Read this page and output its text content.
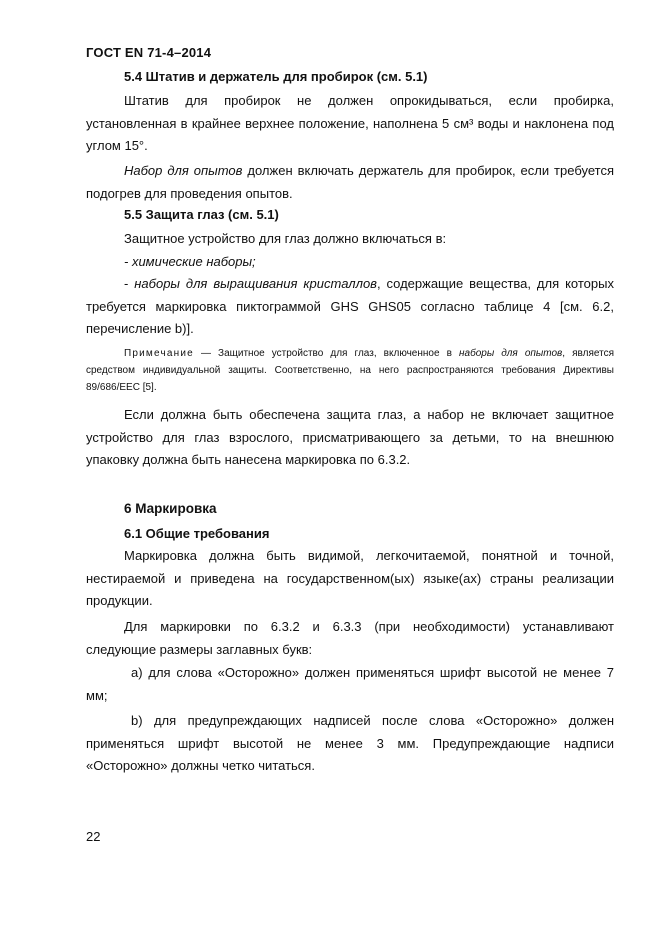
ГОСТ EN 71-4–2014
5.4 Штатив и держатель для пробирок (см. 5.1)
Штатив для пробирок не должен опрокидываться, если пробирка, установленная в крайнее верхнее положение, наполнена 5 см³ воды и наклонена под углом 15°.
Набор для опытов должен включать держатель для пробирок, если требуется подогрев для проведения опытов.
5.5 Защита глаз (см. 5.1)
Защитное устройство для глаз должно включаться в:
- химические наборы;
- наборы для выращивания кристаллов, содержащие вещества, для которых требуется маркировка пиктограммой GHS GHS05 согласно таблице 4 [см. 6.2, перечисление b)].
Примечание — Защитное устройство для глаз, включенное в наборы для опытов, является средством индивидуальной защиты. Соответственно, на него распространяются требования Директивы 89/686/EEC [5].
Если должна быть обеспечена защита глаз, а набор не включает защитное устройство для глаз взрослого, присматривающего за детьми, то на внешнюю упаковку должна быть нанесена маркировка по 6.3.2.
6 Маркировка
6.1 Общие требования
Маркировка должна быть видимой, легкочитаемой, понятной и точной, нестираемой и приведена на государственном(ых) языке(ах) страны реализации продукции.
Для маркировки по 6.3.2 и 6.3.3 (при необходимости) устанавливают следующие размеры заглавных букв:
a) для слова «Осторожно» должен применяться шрифт высотой не менее 7 мм;
b) для предупреждающих надписей после слова «Осторожно» должен применяться шрифт высотой не менее 3 мм. Предупреждающие надписи «Осторожно» должны четко читаться.
22
